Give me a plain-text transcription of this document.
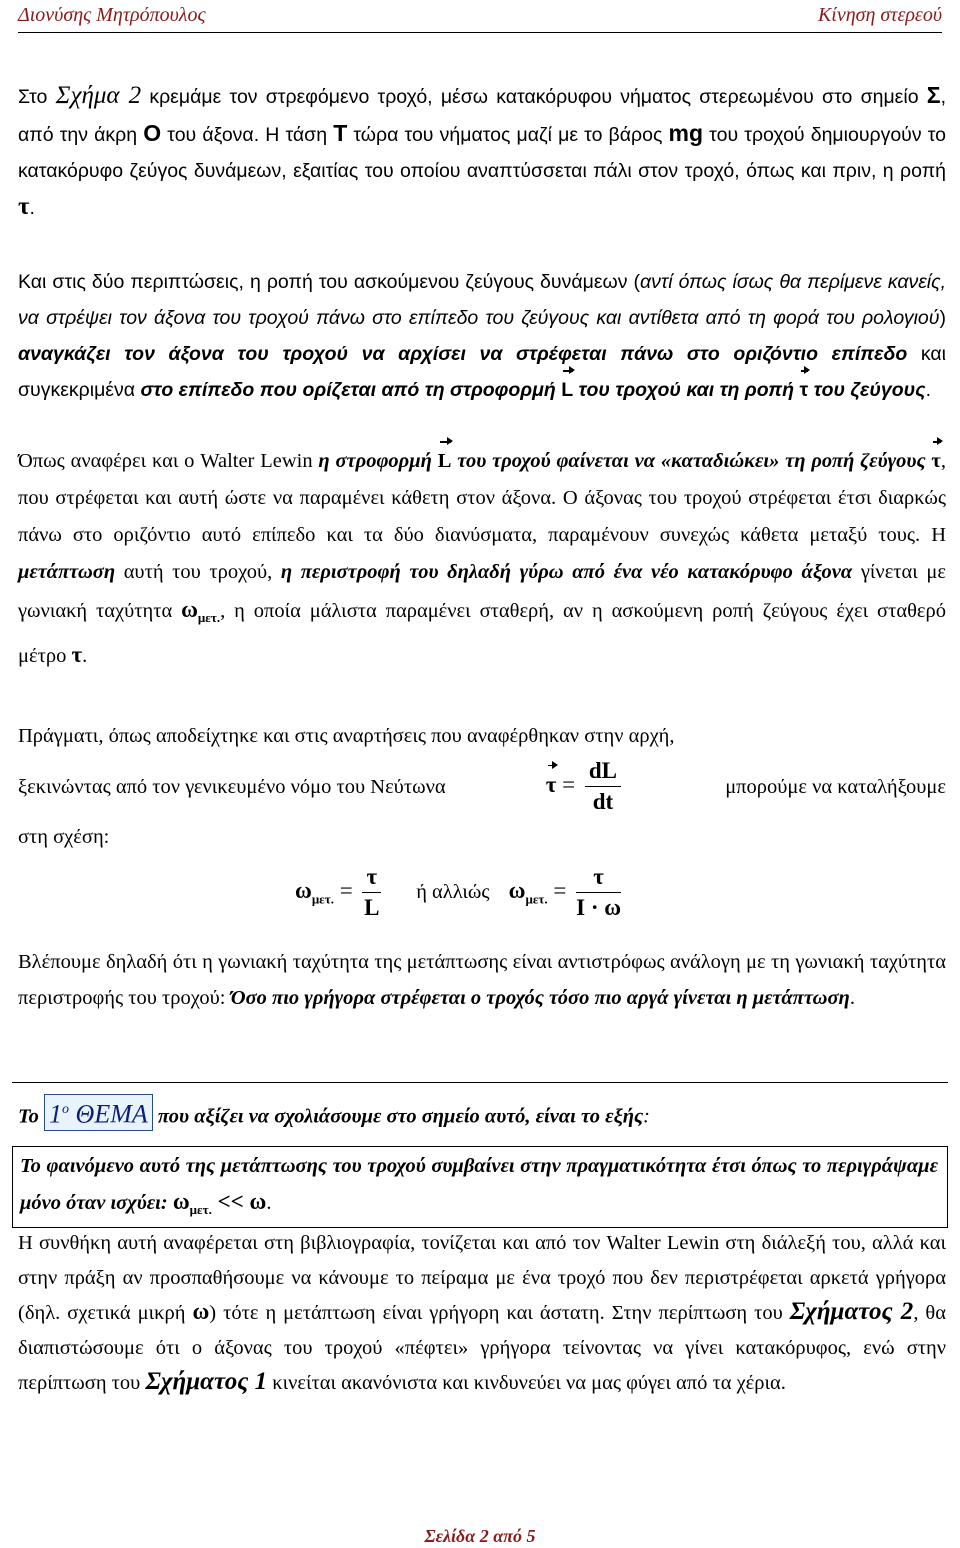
Διονύσης Μητρόπουλος	Κίνηση στερεού

Στο Σχήμα 2 κρεμάμε τον στρεφόμενο τροχό, μέσω κατακόρυφου νήματος στερεωμένου στο σημείο Σ, από την άκρη Ο του άξονα. Η τάση Τ τώρα του νήματος μαζί με το βάρος mg του τροχού δημιουργούν το κατακόρυφο ζεύγος δυνάμεων, εξαιτίας του οποίου αναπτύσσεται πάλι στον τροχό, όπως και πριν, η ροπή τ.

Και στις δύο περιπτώσεις, η ροπή του ασκούμενου ζεύγους δυνάμεων (αντί όπως ίσως θα περίμενε κανείς, να στρέψει τον άξονα του τροχού πάνω στο επίπεδο του ζεύγους και αντίθετα από τη φορά του ρολογιού) αναγκάζει τον άξονα του τροχού να αρχίσει να στρέφεται πάνω στο οριζόντιο επίπεδο και συγκεκριμένα στο επίπεδο που ορίζεται από τη στροφορμή L του τροχού και τη ροπή τ του ζεύγους.

Όπως αναφέρει και ο Walter Lewin η στροφορμή L του τροχού φαίνεται να «καταδιώκει» τη ροπή ζεύγους τ, που στρέφεται και αυτή ώστε να παραμένει κάθετη στον άξονα. Ο άξονας του τροχού στρέφεται έτσι διαρκώς πάνω στο οριζόντιο αυτό επίπεδο και τα δύο διανύσματα, παραμένουν συνεχώς κάθετα μεταξύ τους. Η μετάπτωση αυτή του τροχού, η περιστροφή του δηλαδή γύρω από ένα νέο κατακόρυφο άξονα γίνεται με γωνιακή ταχύτητα $\omega_{\mu\varepsilon\tau.}$, η οποία μάλιστα παραμένει σταθερή, αν η ασκούμενη ροπή ζεύγους έχει σταθερό μέτρο τ.

Πράγματι, όπως αποδείχτηκε και στις αναρτήσεις που αναφέρθηκαν στην αρχή,
ξεκινώντας από τον γενικευμένο νόμο του Νεύτωνα	$\tau = \frac{dL}{dt}$	μπορούμε να καταλήξουμε
στη σχέση:
$\omega_{\mu\varepsilon\tau.} = \frac{\tau}{L}$ ή αλλιώς $\omega_{\mu\varepsilon\tau.} = \frac{\tau}{I \cdot \omega}$

Βλέπουμε δηλαδή ότι η γωνιακή ταχύτητα της μετάπτωσης είναι αντιστρόφως ανάλογη με τη γωνιακή ταχύτητα περιστροφής του τροχού: Όσο πιο γρήγορα στρέφεται ο τροχός τόσο πιο αργά γίνεται η μετάπτωση.

Το $1^o$ ΘΕΜΑ που αξίζει να σχολιάσουμε στο σημείο αυτό, είναι το εξής:

Το φαινόμενο αυτό της μετάπτωσης του τροχού συμβαίνει στην πραγματικότητα έτσι όπως το περιγράψαμε μόνο όταν ισχύει: $\omega_{\mu\varepsilon\tau.} << \omega$.

Η συνθήκη αυτή αναφέρεται στη βιβλιογραφία, τονίζεται και από τον Walter Lewin στη διάλεξή του, αλλά και στην πράξη αν προσπαθήσουμε να κάνουμε το πείραμα με ένα τροχό που δεν περιστρέφεται αρκετά γρήγορα (δηλ. σχετικά μικρή ω) τότε η μετάπτωση είναι γρήγορη και άστατη. Στην περίπτωση του Σχήματος 2, θα διαπιστώσουμε ότι ο άξονας του τροχού «πέφτει» γρήγορα τείνοντας να γίνει κατακόρυφος, ενώ στην περίπτωση του Σχήματος 1 κινείται ακανόνιστα και κινδυνεύει να μας φύγει από τα χέρια.

Σελίδα 2 από 5
